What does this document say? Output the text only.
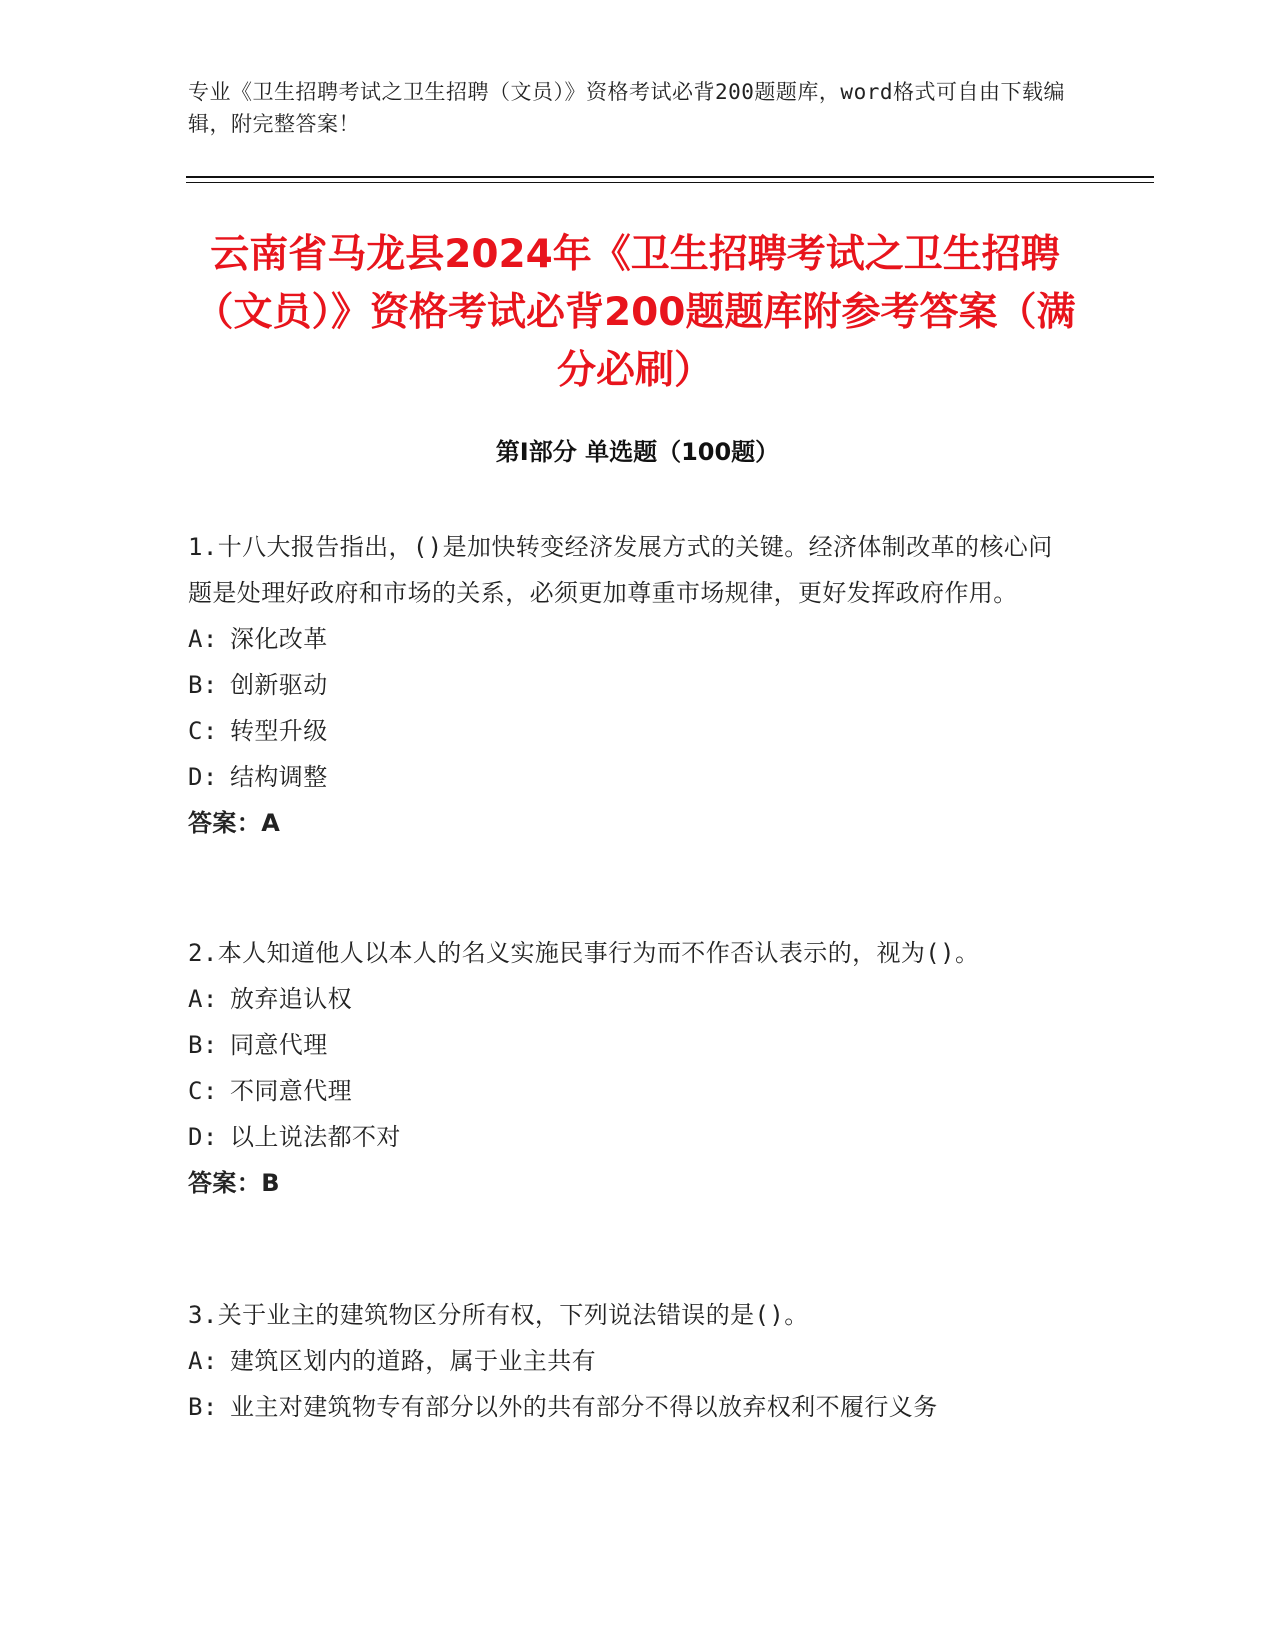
专业《卫生招聘考试之卫生招聘（文员）》资格考试必背200题题库，word格式可自由下载编辑，附完整答案！
云南省马龙县2024年《卫生招聘考试之卫生招聘（文员）》资格考试必背200题题库附参考答案（满分必刷）
第Ⅰ部分 单选题（100题）
1.十八大报告指出，()是加快转变经济发展方式的关键。经济体制改革的核心问题是处理好政府和市场的关系，必须更加尊重市场规律，更好发挥政府作用。
A: 深化改革
B: 创新驱动
C: 转型升级
D: 结构调整
答案：A
2.本人知道他人以本人的名义实施民事行为而不作否认表示的，视为()。
A: 放弃追认权
B: 同意代理
C: 不同意代理
D: 以上说法都不对
答案：B
3.关于业主的建筑物区分所有权，下列说法错误的是()。
A: 建筑区划内的道路，属于业主共有
B: 业主对建筑物专有部分以外的共有部分不得以放弃权利不履行义务
